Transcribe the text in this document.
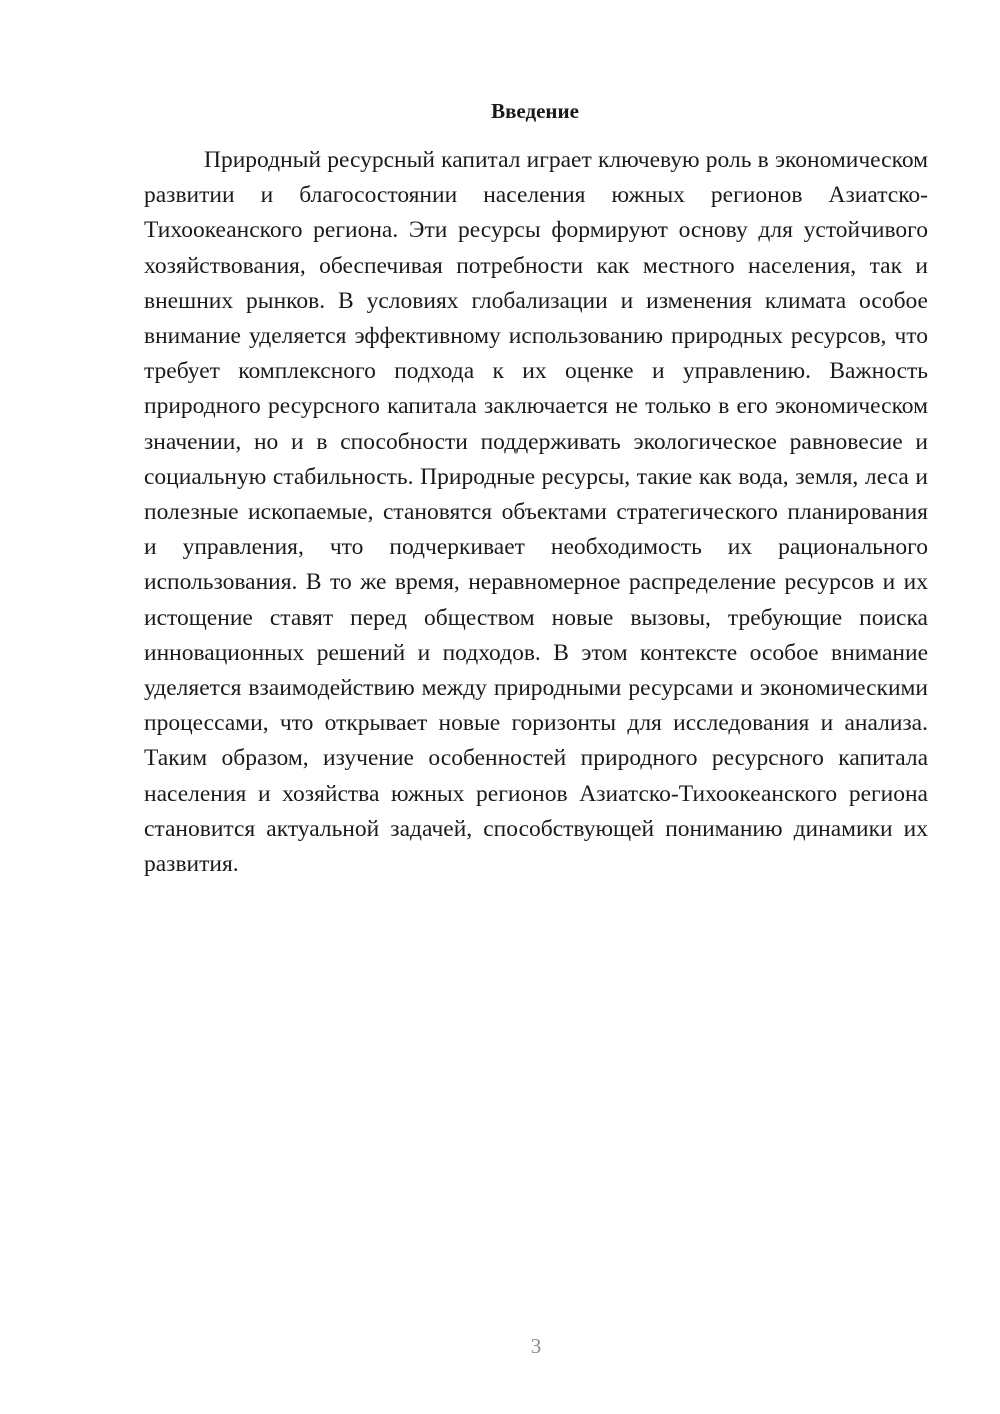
Введение

Природный ресурсный капитал играет ключевую роль в экономическом развитии и благосостоянии населения южных регионов Азиатско-Тихоокеанского региона. Эти ресурсы формируют основу для устойчивого хозяйствования, обеспечивая потребности как местного населения, так и внешних рынков. В условиях глобализации и изменения климата особое внимание уделяется эффективному использованию природных ресурсов, что требует комплексного подхода к их оценке и управлению. Важность природного ресурсного капитала заключается не только в его экономическом значении, но и в способности поддерживать экологическое равновесие и социальную стабильность. Природные ресурсы, такие как вода, земля, леса и полезные ископаемые, становятся объектами стратегического планирования и управления, что подчеркивает необходимость их рационального использования. В то же время, неравномерное распределение ресурсов и их истощение ставят перед обществом новые вызовы, требующие поиска инновационных решений и подходов. В этом контексте особое внимание уделяется взаимодействию между природными ресурсами и экономическими процессами, что открывает новые горизонты для исследования и анализа. Таким образом, изучение особенностей природного ресурсного капитала населения и хозяйства южных регионов Азиатско-Тихоокеанского региона становится актуальной задачей, способствующей пониманию динамики их развития.

3
